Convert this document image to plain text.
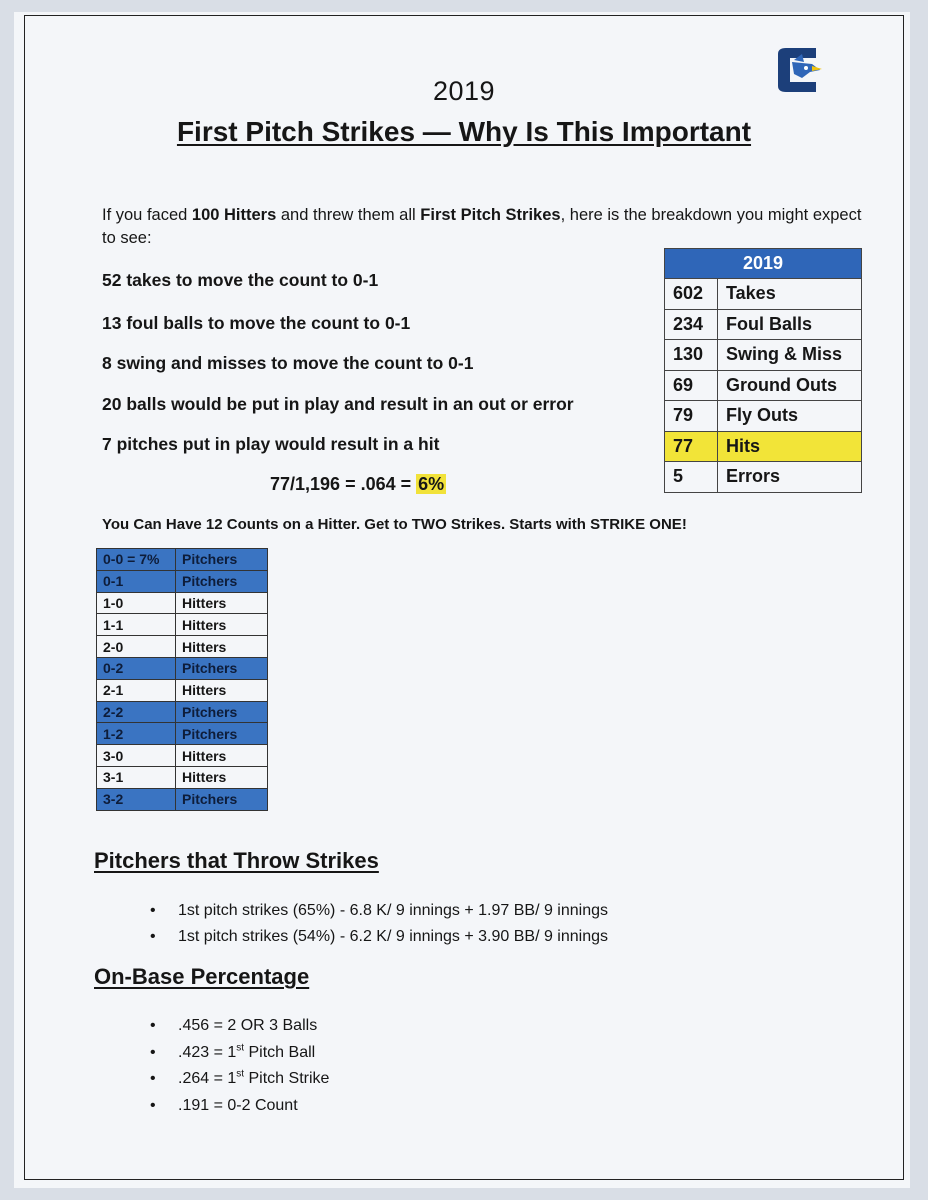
2019
First Pitch Strikes — Why Is This Important
If you faced 100 Hitters and threw them all First Pitch Strikes, here is the breakdown you might expect to see:
52 takes to move the count to 0-1
13 foul balls to move the count to 0-1
8 swing and misses to move the count to 0-1
20 balls would be put in play and result in an out or error
7 pitches put in play would result in a hit
77/1,196 = .064 = 6%
2019	
602	Takes
234	Foul Balls
130	Swing & Miss
69	Ground Outs
79	Fly Outs
77	Hits
5	Errors
You Can Have 12 Counts on a Hitter. Get to TWO Strikes. Starts with STRIKE ONE!
0-0 = 7%	Pitchers
0-1	Pitchers
1-0	Hitters
1-1	Hitters
2-0	Hitters
0-2	Pitchers
2-1	Hitters
2-2	Pitchers
1-2	Pitchers
3-0	Hitters
3-1	Hitters
3-2	Pitchers
Pitchers that Throw Strikes
• 1st pitch strikes (65%) - 6.8 K/ 9 innings + 1.97 BB/ 9 innings
• 1st pitch strikes (54%) - 6.2 K/ 9 innings + 3.90 BB/ 9 innings
On-Base Percentage
• .456 = 2 OR 3 Balls
• .423 = 1st Pitch Ball
• .264 = 1st Pitch Strike
• .191 = 0-2 Count
